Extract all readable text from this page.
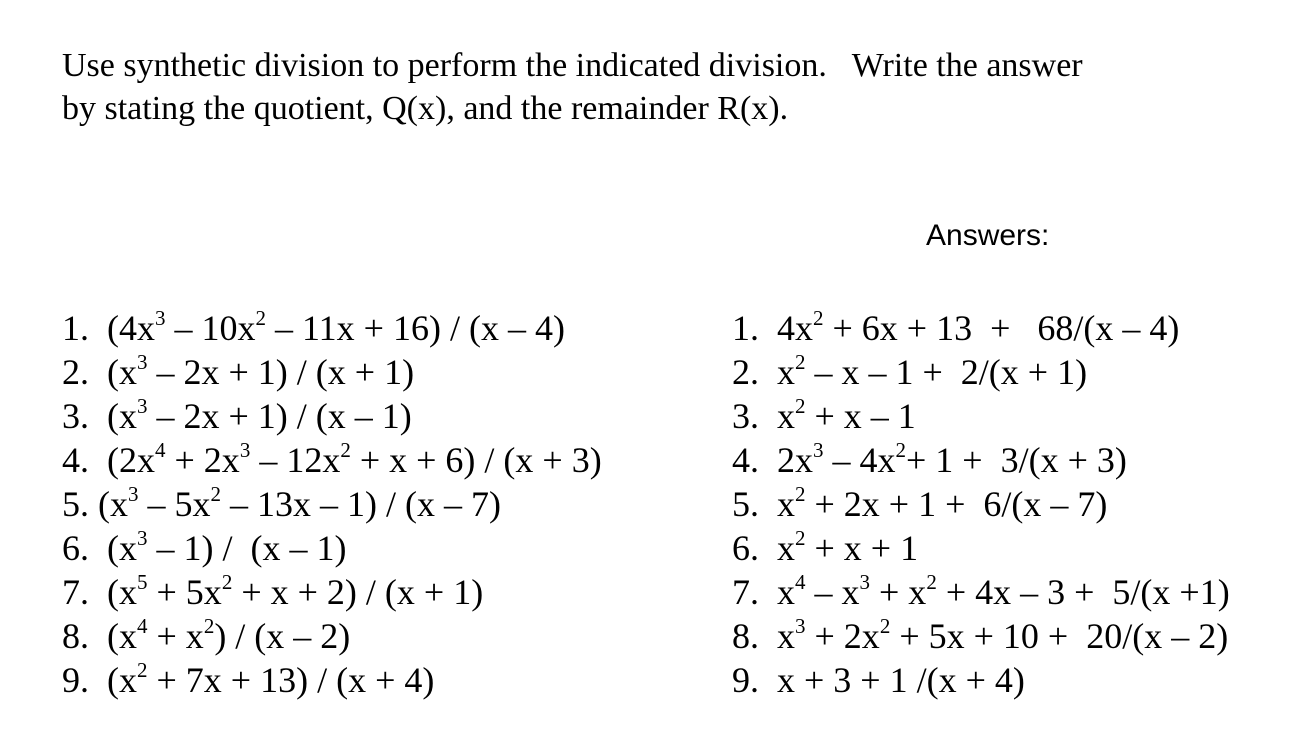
Use synthetic division to perform the indicated division.   Write the answer
by stating the quotient, Q(x), and the remainder R(x).
Answers:
1.  $(4x^3 - 10x^2 - 11x + 16) / (x - 4)$
2.  $(x^3 - 2x + 1) / (x + 1)$
3.  $(x^3 - 2x + 1) / (x - 1)$
4.  $(2x^4 + 2x^3 - 12x^2 + x + 6) / (x + 3)$
5. $(x^3 - 5x^2 - 13x - 1) / (x - 7)$
6.  $(x^3 - 1) / (x - 1)$
7.  $(x^5 + 5x^2 + x + 2) / (x + 1)$
8.  $(x^4 + x^2) / (x - 2)$
9.  $(x^2 + 7x + 13) / (x + 4)$
1.  $4x^2 + 6x + 13 + 68/(x - 4)$
2.  $x^2 - x - 1 + 2/(x + 1)$
3.  $x^2 + x - 1$
4.  $2x^3 - 4x^2+ 1 + 3/(x + 3)$
5.  $x^2 + 2x + 1 + 6/(x - 7)$
6.  $x^2 + x + 1$
7.  $x^4 - x^3 + x^2 + 4x - 3 + 5/(x +1)$
8.  $x^3 + 2x^2 + 5x + 10 + 20/(x - 2)$
9.  x + 3 + 1 /(x + 4)
